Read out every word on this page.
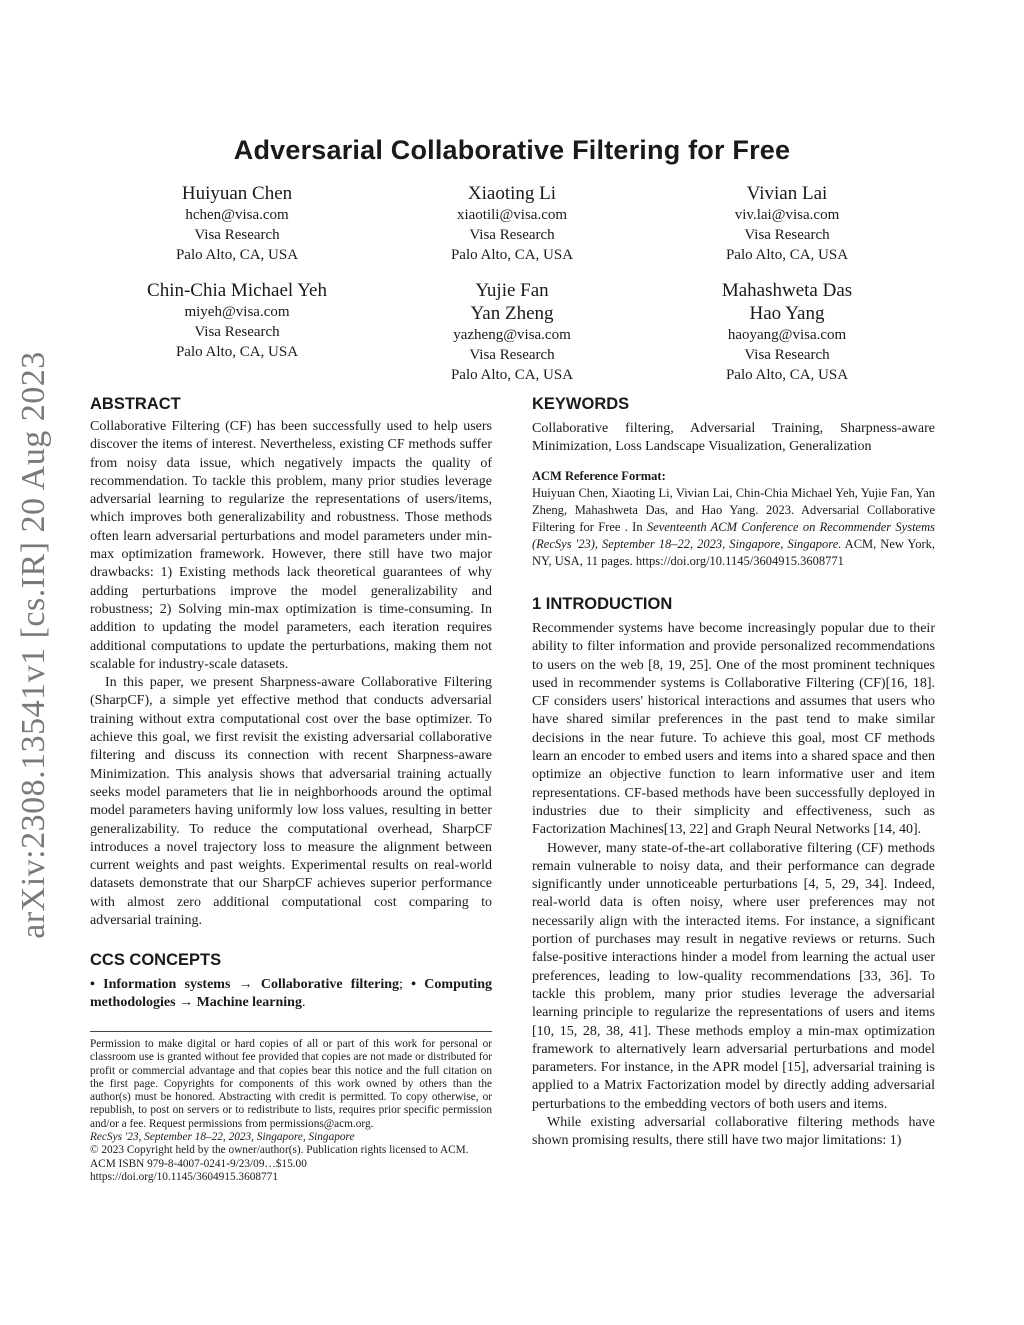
arXiv:2308.13541v1 [cs.IR] 20 Aug 2023
Adversarial Collaborative Filtering for Free
Huiyuan Chen
hchen@visa.com
Visa Research
Palo Alto, CA, USA
Xiaoting Li
xiaotili@visa.com
Visa Research
Palo Alto, CA, USA
Vivian Lai
viv.lai@visa.com
Visa Research
Palo Alto, CA, USA
Chin-Chia Michael Yeh
miyeh@visa.com
Visa Research
Palo Alto, CA, USA
Yujie Fan
Yan Zheng
yazheng@visa.com
Visa Research
Palo Alto, CA, USA
Mahashweta Das
Hao Yang
haoyang@visa.com
Visa Research
Palo Alto, CA, USA
ABSTRACT

Collaborative Filtering (CF) has been successfully used to help users discover the items of interest. Nevertheless, existing CF methods suffer from noisy data issue, which negatively impacts the quality of recommendation. To tackle this problem, many prior studies leverage adversarial learning to regularize the representations of users/items, which improves both generalizability and robustness. Those methods often learn adversarial perturbations and model parameters under min-max optimization framework. However, there still have two major drawbacks: 1) Existing methods lack theoretical guarantees of why adding perturbations improve the model generalizability and robustness; 2) Solving min-max optimization is time-consuming. In addition to updating the model parameters, each iteration requires additional computations to update the perturbations, making them not scalable for industry-scale datasets.

In this paper, we present Sharpness-aware Collaborative Filtering (SharpCF), a simple yet effective method that conducts adversarial training without extra computational cost over the base optimizer. To achieve this goal, we first revisit the existing adversarial collaborative filtering and discuss its connection with recent Sharpness-aware Minimization. This analysis shows that adversarial training actually seeks model parameters that lie in neighborhoods around the optimal model parameters having uniformly low loss values, resulting in better generalizability. To reduce the computational overhead, SharpCF introduces a novel trajectory loss to measure the alignment between current weights and past weights. Experimental results on real-world datasets demonstrate that our SharpCF achieves superior performance with almost zero additional computational cost comparing to adversarial training.

CCS CONCEPTS
• Information systems → Collaborative filtering; • Computing methodologies → Machine learning.
Permission to make digital or hard copies of all or part of this work for personal or classroom use is granted without fee provided that copies are not made or distributed for profit or commercial advantage and that copies bear this notice and the full citation on the first page. Copyrights for components of this work owned by others than the author(s) must be honored. Abstracting with credit is permitted. To copy otherwise, or republish, to post on servers or to redistribute to lists, requires prior specific permission and/or a fee. Request permissions from permissions@acm.org.
RecSys '23, September 18–22, 2023, Singapore, Singapore
© 2023 Copyright held by the owner/author(s). Publication rights licensed to ACM.
ACM ISBN 979-8-4007-0241-9/23/09…$15.00
https://doi.org/10.1145/3604915.3608771
KEYWORDS
Collaborative filtering, Adversarial Training, Sharpness-aware Minimization, Loss Landscape Visualization, Generalization
ACM Reference Format:
Huiyuan Chen, Xiaoting Li, Vivian Lai, Chin-Chia Michael Yeh, Yujie Fan, Yan Zheng, Mahashweta Das, and Hao Yang. 2023. Adversarial Collaborative Filtering for Free . In Seventeenth ACM Conference on Recommender Systems (RecSys '23), September 18–22, 2023, Singapore, Singapore. ACM, New York, NY, USA, 11 pages. https://doi.org/10.1145/3604915.3608771
1 INTRODUCTION

Recommender systems have become increasingly popular due to their ability to filter information and provide personalized recommendations to users on the web [8, 19, 25]. One of the most prominent techniques used in recommender systems is Collaborative Filtering (CF)[16, 18]. CF considers users' historical interactions and assumes that users who have shared similar preferences in the past tend to make similar decisions in the near future. To achieve this goal, most CF methods learn an encoder to embed users and items into a shared space and then optimize an objective function to learn informative user and item representations. CF-based methods have been successfully deployed in industries due to their simplicity and effectiveness, such as Factorization Machines[13, 22] and Graph Neural Networks [14, 40].

However, many state-of-the-art collaborative filtering (CF) methods remain vulnerable to noisy data, and their performance can degrade significantly under unnoticeable perturbations [4, 5, 29, 34]. Indeed, real-world data is often noisy, where user preferences may not necessarily align with the interacted items. For instance, a significant portion of purchases may result in negative reviews or returns. Such false-positive interactions hinder a model from learning the actual user preferences, leading to low-quality recommendations [33, 36]. To tackle this problem, many prior studies leverage the adversarial learning principle to regularize the representations of users and items [10, 15, 28, 38, 41]. These methods employ a min-max optimization framework to alternatively learn adversarial perturbations and model parameters. For instance, in the APR model [15], adversarial training is applied to a Matrix Factorization model by directly adding adversarial perturbations to the embedding vectors of both users and items.

While existing adversarial collaborative filtering methods have shown promising results, there still have two major limitations: 1)
